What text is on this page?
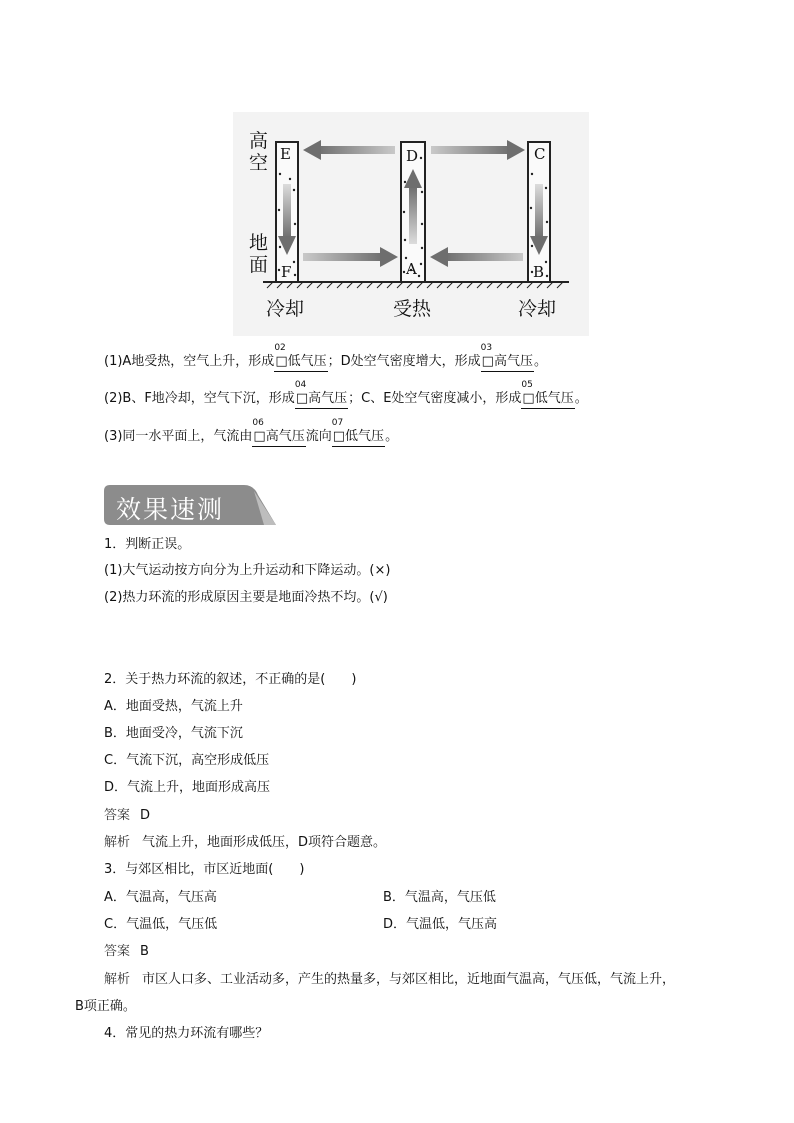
高空
地面
冷却	受热	冷却
E
F
D
A
C
B
(1)A地受热，空气上升，形成
02
□低气压；D处空气密度增大，形成
03
□高气压。
(2)B、F地冷却，空气下沉，形成
04
□高气压；C、E处空气密度减小，形成
05
□低气压。
(3)同一水平面上，气流由
06
□高气压流向
07
□低气压。
效果速测
1．判断正误。
(1)大气运动按方向分为上升运动和下降运动。(×)
(2)热力环流的形成原因主要是地面冷热不均。(√)
2．关于热力环流的叙述，不正确的是(　　)
A．地面受热，气流上升
B．地面受冷，气流下沉
C．气流下沉，高空形成低压
D．气流上升，地面形成高压
答案 D
解析 气流上升，地面形成低压，D项符合题意。
3．与郊区相比，市区近地面(　　)
A．气温高，气压高	B．气温高，气压低
C．气温低，气压低	D．气温低，气压高
答案 B
解析 市区人口多、工业活动多，产生的热量多，与郊区相比，近地面气温高，气压低，气流上升，
B项正确。
4．常见的热力环流有哪些？
